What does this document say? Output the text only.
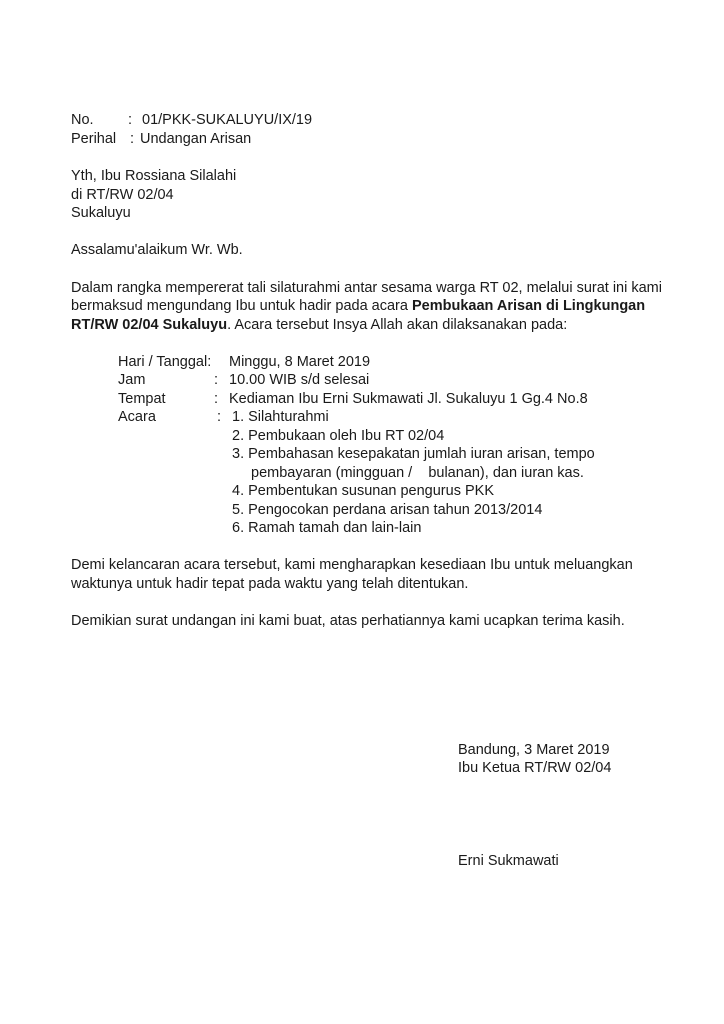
No. : 01/PKK-SUKALUYU/IX/19
Perihal : Undangan Arisan
Yth, Ibu Rossiana Silalahi
di RT/RW 02/04
Sukaluyu
Assalamu'alaikum Wr. Wb.
Dalam rangka mempererat tali silaturahmi antar sesama warga RT 02, melalui surat ini kami
bermaksud mengundang Ibu untuk hadir pada acara Pembukaan Arisan di Lingkungan
RT/RW 02/04 Sukaluyu. Acara tersebut Insya Allah akan dilaksanakan pada:
Hari / Tanggal: Minggu, 8 Maret 2019
Jam	: 10.00 WIB s/d selesai
Tempat	: Kediaman Ibu Erni Sukmawati Jl. Sukaluyu 1 Gg.4 No.8
Acara	: 1. Silahturahmi
2. Pembukaan oleh Ibu RT 02/04
3. Pembahasan kesepakatan jumlah iuran arisan, tempo
pembayaran (mingguan /    bulanan), dan iuran kas.
4. Pembentukan susunan pengurus PKK
5. Pengocokan perdana arisan tahun 2013/2014
6. Ramah tamah dan lain-lain
Demi kelancaran acara tersebut, kami mengharapkan kesediaan Ibu untuk meluangkan
waktunya untuk hadir tepat pada waktu yang telah ditentukan.
Demikian surat undangan ini kami buat, atas perhatiannya kami ucapkan terima kasih.
Bandung, 3 Maret 2019
Ibu Ketua RT/RW 02/04
Erni Sukmawati
